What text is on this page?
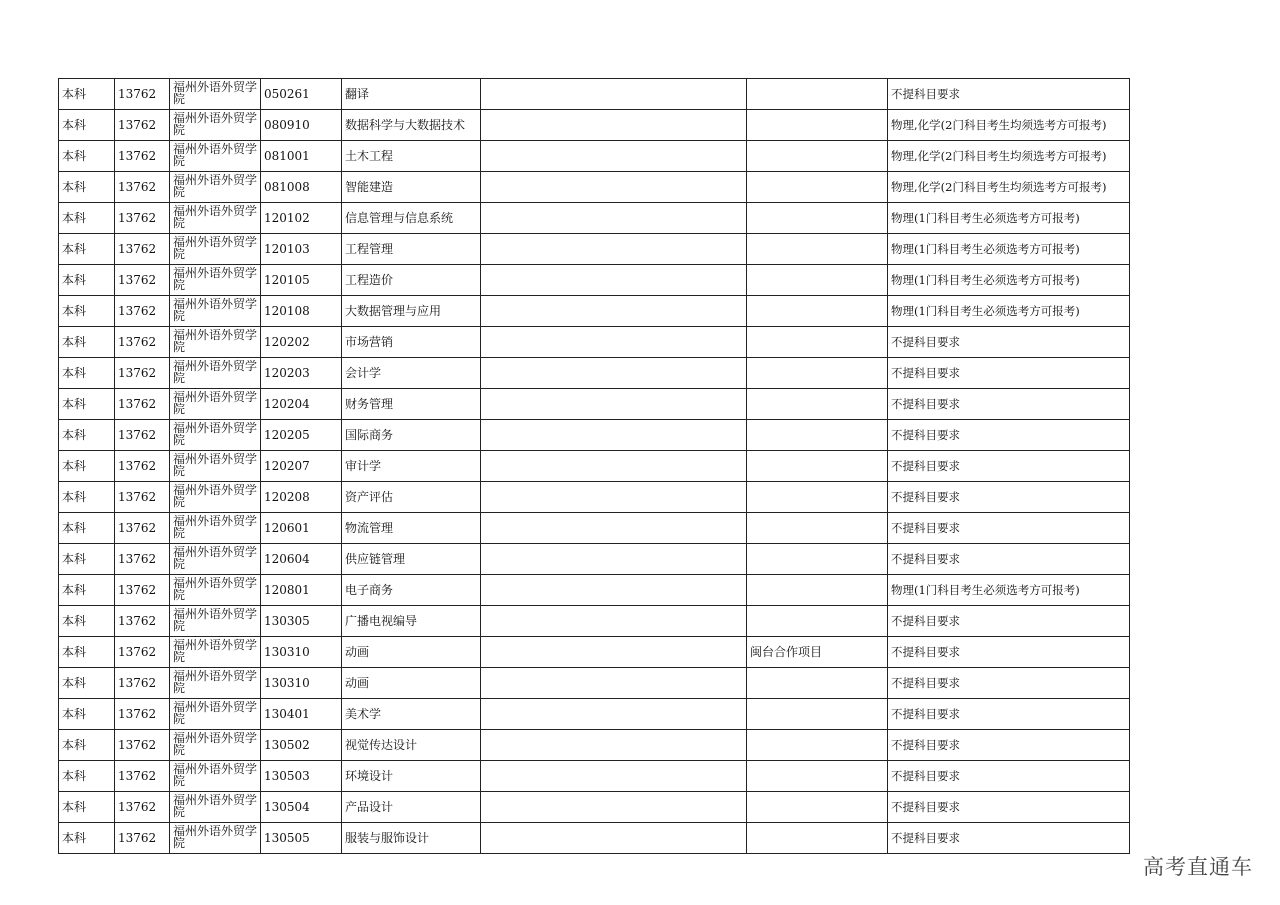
本科	13762	福州外语外贸学院	050261	翻译			不提科目要求
本科	13762	福州外语外贸学院	080910	数据科学与大数据技术			物理,化学(2门科目考生均须选考方可报考)
本科	13762	福州外语外贸学院	081001	土木工程			物理,化学(2门科目考生均须选考方可报考)
本科	13762	福州外语外贸学院	081008	智能建造			物理,化学(2门科目考生均须选考方可报考)
本科	13762	福州外语外贸学院	120102	信息管理与信息系统			物理(1门科目考生必须选考方可报考)
本科	13762	福州外语外贸学院	120103	工程管理			物理(1门科目考生必须选考方可报考)
本科	13762	福州外语外贸学院	120105	工程造价			物理(1门科目考生必须选考方可报考)
本科	13762	福州外语外贸学院	120108	大数据管理与应用			物理(1门科目考生必须选考方可报考)
本科	13762	福州外语外贸学院	120202	市场营销			不提科目要求
本科	13762	福州外语外贸学院	120203	会计学			不提科目要求
本科	13762	福州外语外贸学院	120204	财务管理			不提科目要求
本科	13762	福州外语外贸学院	120205	国际商务			不提科目要求
本科	13762	福州外语外贸学院	120207	审计学			不提科目要求
本科	13762	福州外语外贸学院	120208	资产评估			不提科目要求
本科	13762	福州外语外贸学院	120601	物流管理			不提科目要求
本科	13762	福州外语外贸学院	120604	供应链管理			不提科目要求
本科	13762	福州外语外贸学院	120801	电子商务			物理(1门科目考生必须选考方可报考)
本科	13762	福州外语外贸学院	130305	广播电视编导			不提科目要求
本科	13762	福州外语外贸学院	130310	动画		闽台合作项目	不提科目要求
本科	13762	福州外语外贸学院	130310	动画			不提科目要求
本科	13762	福州外语外贸学院	130401	美术学			不提科目要求
本科	13762	福州外语外贸学院	130502	视觉传达设计			不提科目要求
本科	13762	福州外语外贸学院	130503	环境设计			不提科目要求
本科	13762	福州外语外贸学院	130504	产品设计			不提科目要求
本科	13762	福州外语外贸学院	130505	服装与服饰设计			不提科目要求
高考直通车
